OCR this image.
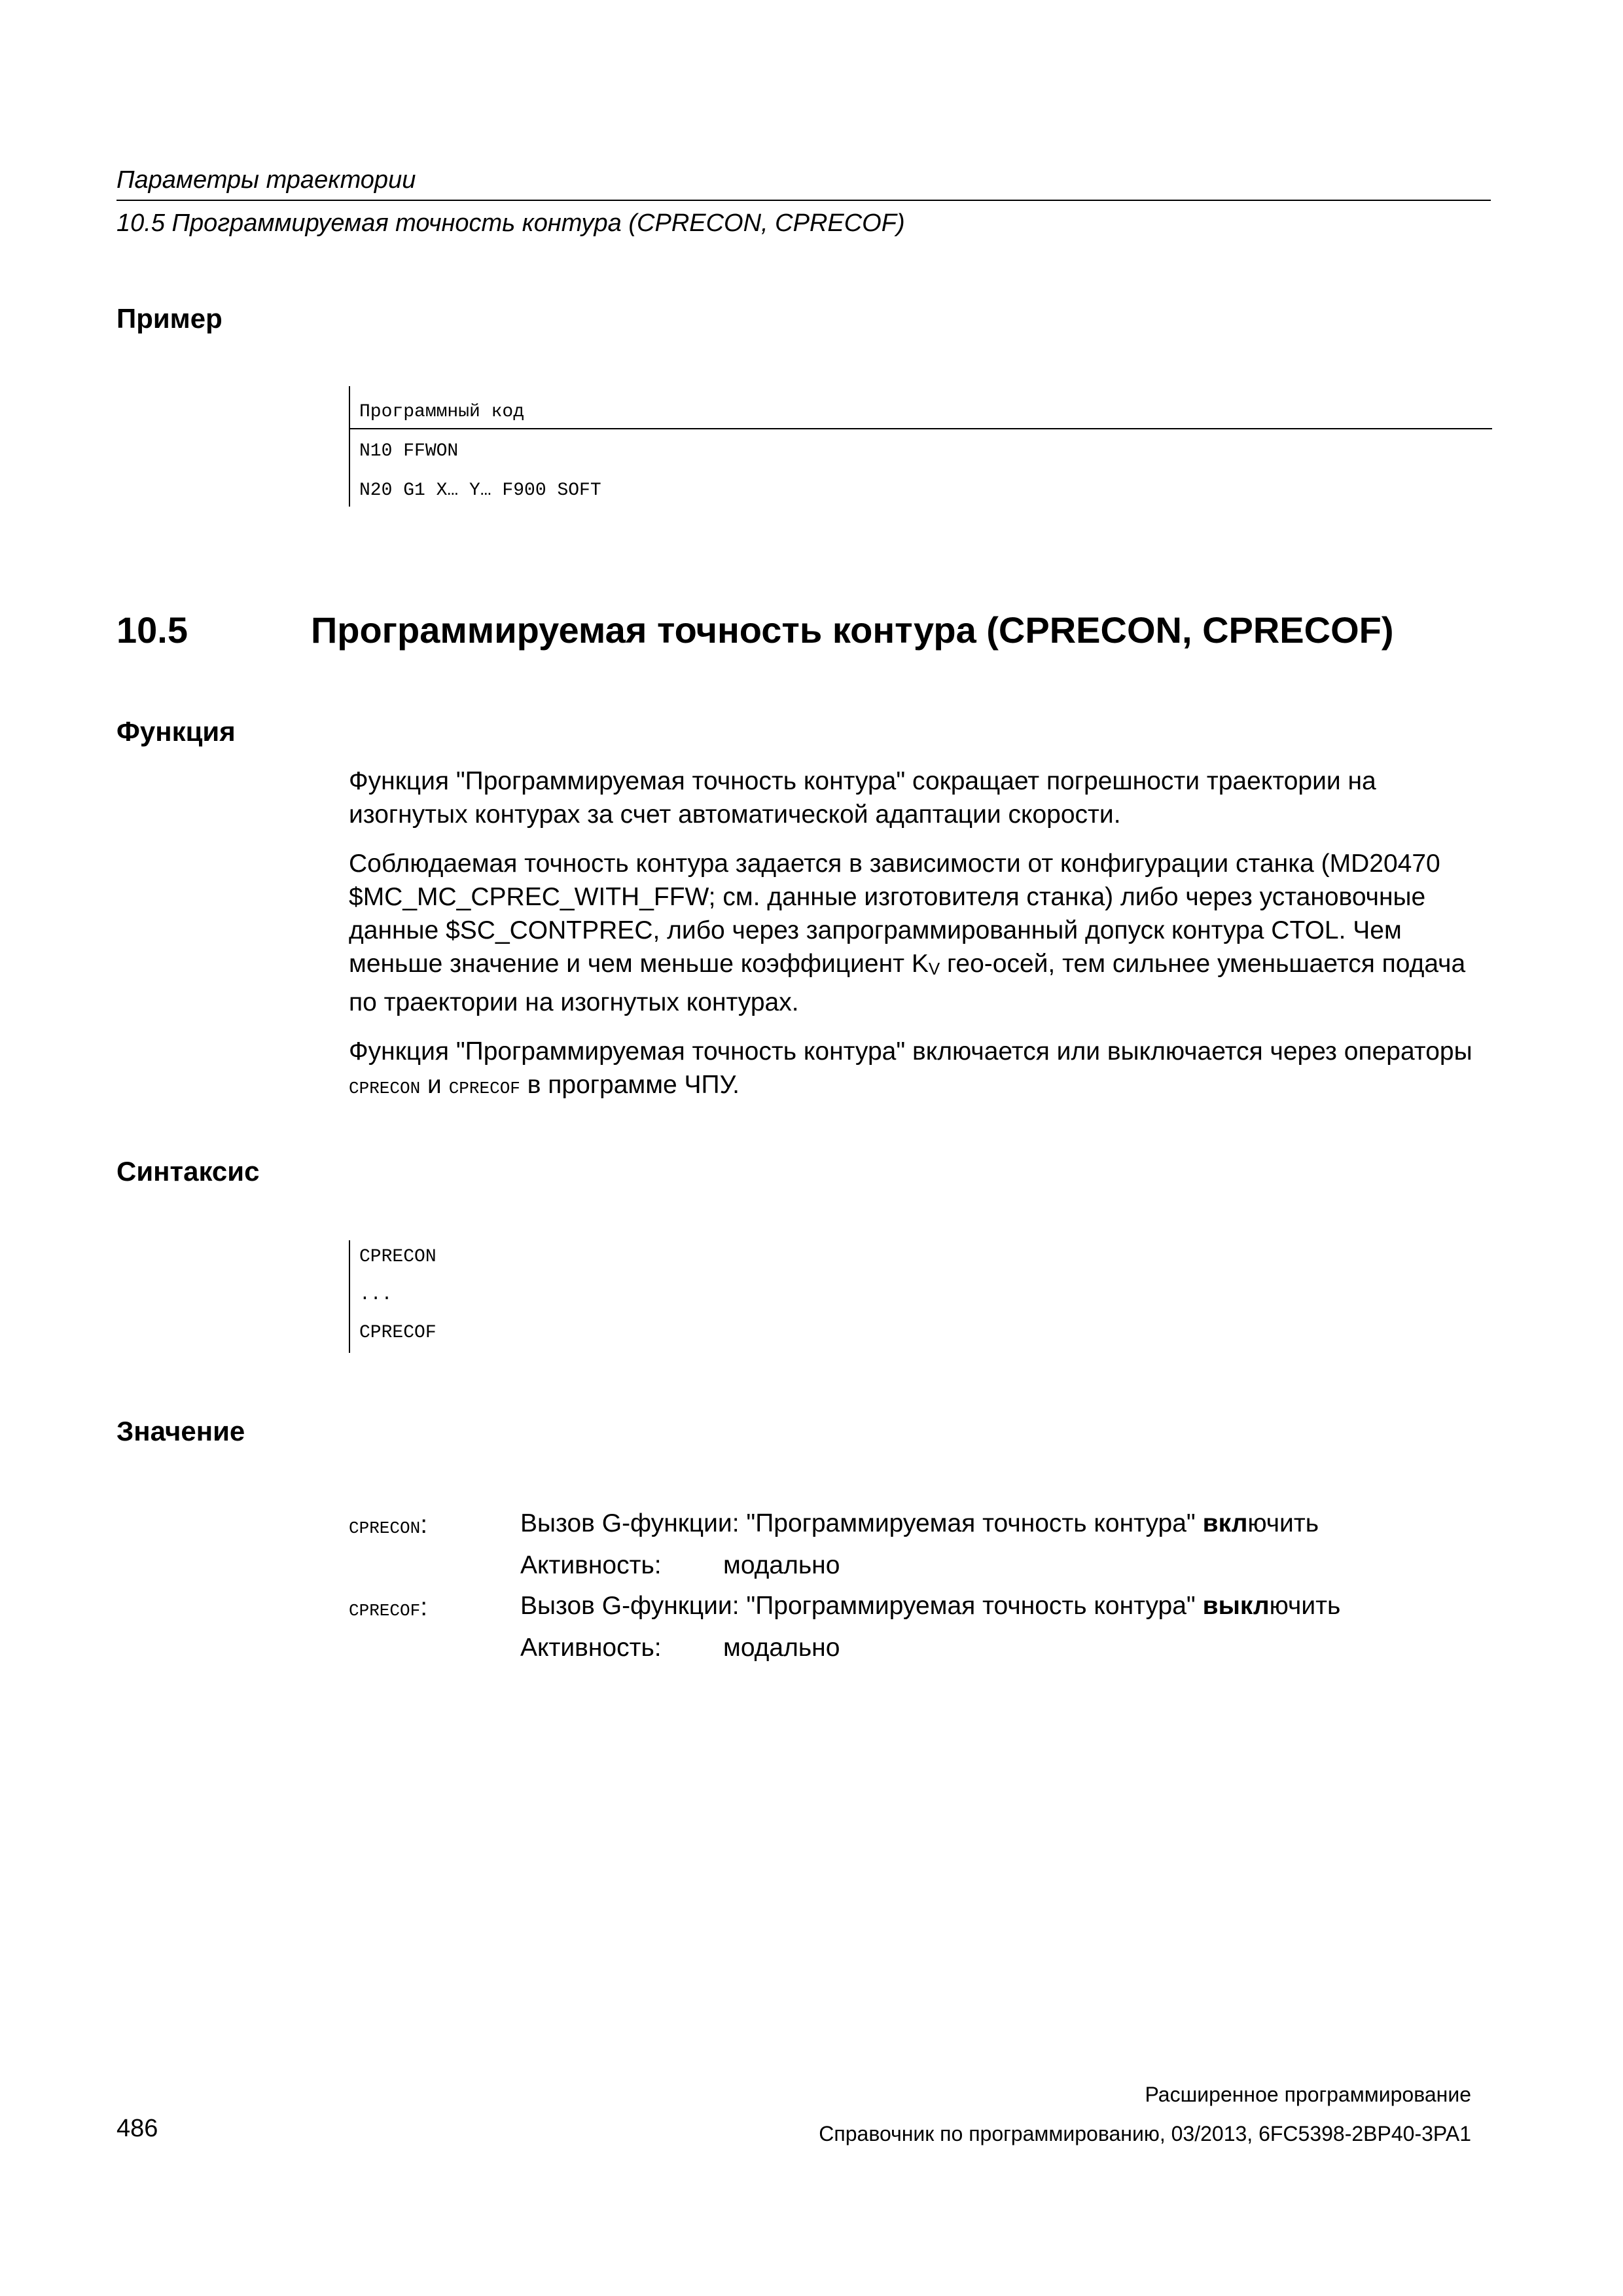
Параметры траектории
10.5 Программируемая точность контура (CPRECON, CPRECOF)
Пример
Программный код
N10 FFWON
N20 G1 X… Y… F900 SOFT
10.5	Программируемая точность контура (CPRECON, CPRECOF)
Функция

Функция "Программируемая точность контура" сокращает погрешности траектории на изогнутых контурах за счет автоматической адаптации скорости.

Соблюдаемая точность контура задается в зависимости от конфигурации станка (MD20470 $MC_MC_CPREC_WITH_FFW; см. данные изготовителя станка) либо через установочные данные $SC_CONTPREC, либо через запрограммированный допуск контура CTOL. Чем меньше значение и чем меньше коэффициент KV гео-осей, тем сильнее уменьшается подача по траектории на изогнутых контурах.

Функция "Программируемая точность контура" включается или выключается через операторы CPRECON и CPRECOF в программе ЧПУ.

Синтаксис
CPRECON
...
CPRECOF
Значение
CPRECON:	Вызов G-функции: "Программируемая точность контура" включить
Активность: модально
CPRECOF:	Вызов G-функции: "Программируемая точность контура" выключить
Активность: модально
Расширенное программирование
486	Справочник по программированию, 03/2013, 6FC5398-2BP40-3PA1
